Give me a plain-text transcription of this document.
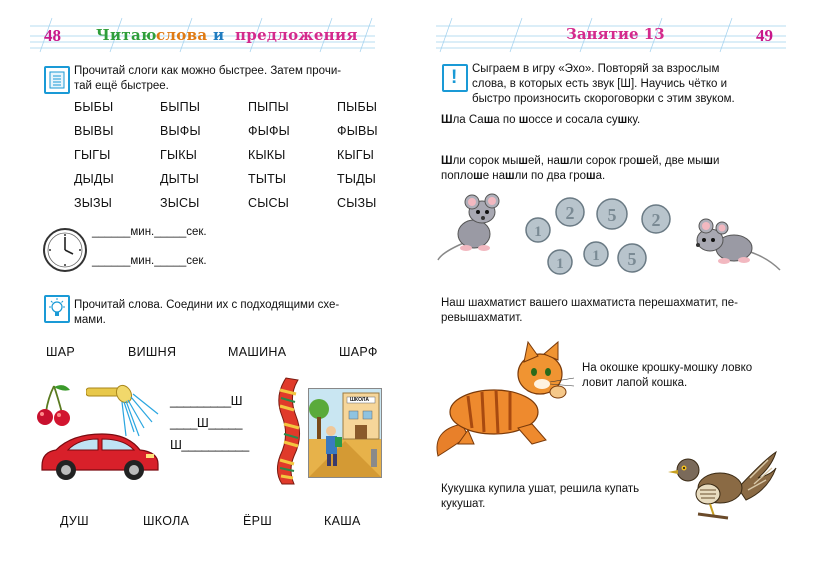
48 Читаю слова и предложения
Прочитай слоги как можно быстрее. Затем прочи-
тай ещё быстрее.
БЫБЫ	БЫПЫ	ПЫПЫ	ПЫБЫ
ВЫВЫ	ВЫФЫ	ФЫФЫ	ФЫВЫ
ГЫГЫ	ГЫКЫ	КЫКЫ	КЫГЫ
ДЫДЫ	ДЫТЫ	ТЫТЫ	ТЫДЫ
ЗЫЗЫ	ЗЫСЫ	СЫСЫ	СЫЗЫ
______мин._____сек.
______мин._____сек.
Прочитай слова. Соедини их с подходящими схе-
мами.
ШАР	ВИШНЯ	МАШИНА	ШАРФ
_________Ш
____Ш_____
Ш__________
ШКОЛА
ДУШ	ШКОЛА	ЁРШ	КАША
Занятие 13	49
! Сыграем в игру «Эхо». Повторяй за взрослым
слова, в которых есть звук [Ш]. Научись чётко и
быстро произносить скороговорки с этим звуком.
Шла Саша по шоссе и сосала сушку.
Шли сорок мышей, нашли сорок грошей, две мыши
поплоше нашли по два гроша.
1
2 5 2
1 1 5
Наш шахматист вашего шахматиста перешахматит, пе-
ревышахматит.
На окошке крошку-мошку ловко
ловит лапой кошка.
Кукушка купила ушат, решила купать
кукушат.
